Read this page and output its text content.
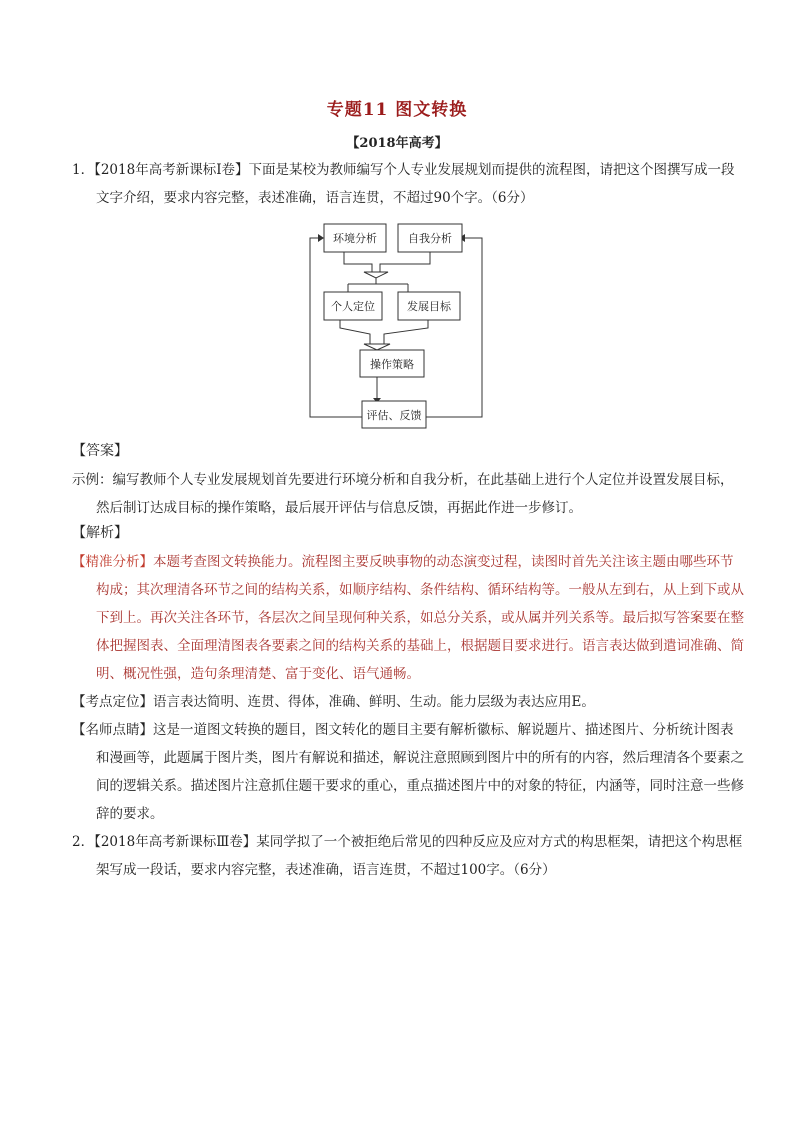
专题11 图文转换
【2018年高考】
1．【2018年高考新课标Ⅰ卷】下面是某校为教师编写个人专业发展规划而提供的流程图，请把这个图撰写成一段文字介绍，要求内容完整，表述准确，语言连贯，不超过90个字。（6分）
环境分析	自我分析
个人定位	发展目标
操作策略
评估、反馈
【答案】
示例：编写教师个人专业发展规划首先要进行环境分析和自我分析，在此基础上进行个人定位并设置发展目标，然后制订达成目标的操作策略，最后展开评估与信息反馈，再据此作进一步修订。
【解析】
【精准分析】本题考查图文转换能力。流程图主要反映事物的动态演变过程，读图时首先关注该主题由哪些环节构成；其次理清各环节之间的结构关系，如顺序结构、条件结构、循环结构等。一般从左到右，从上到下或从下到上。再次关注各环节，各层次之间呈现何种关系，如总分关系，或从属并列关系等。最后拟写答案要在整体把握图表、全面理清图表各要素之间的结构关系的基础上，根据题目要求进行。语言表达做到遣词准确、简明、概况性强，造句条理清楚、富于变化、语气通畅。
【考点定位】语言表达简明、连贯、得体，准确、鲜明、生动。能力层级为表达应用E。
【名师点睛】这是一道图文转换的题目，图文转化的题目主要有解析徽标、解说题片、描述图片、分析统计图表和漫画等，此题属于图片类，图片有解说和描述，解说注意照顾到图片中的所有的内容，然后理清各个要素之间的逻辑关系。描述图片注意抓住题干要求的重心，重点描述图片中的对象的特征，内涵等，同时注意一些修辞的要求。
2．【2018年高考新课标Ⅲ卷】某同学拟了一个被拒绝后常见的四种反应及应对方式的构思框架，请把这个构思框架写成一段话，要求内容完整，表述准确，语言连贯，不超过100字。（6分）
